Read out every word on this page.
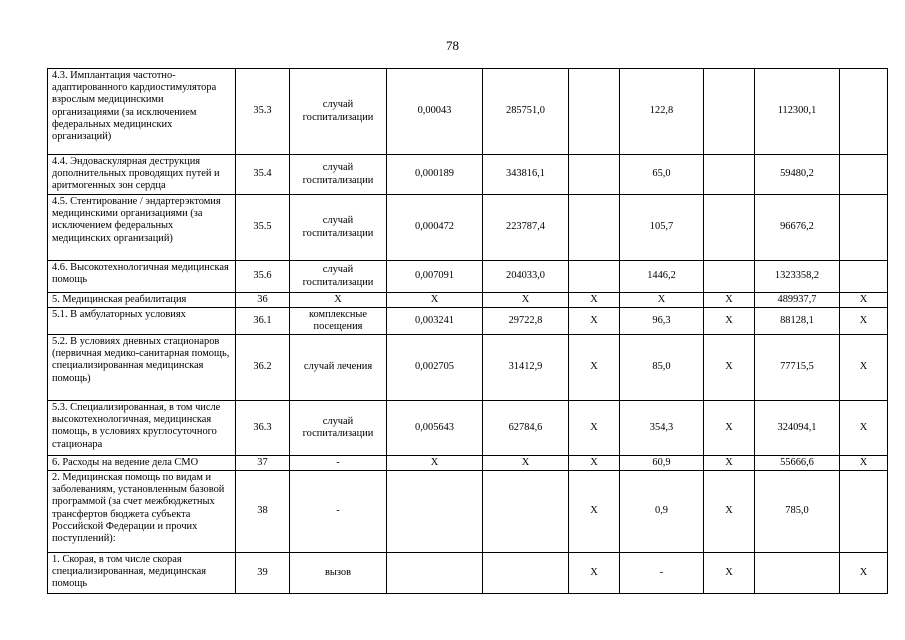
78
4.3. Имплантация частотно-адаптированного кардиостимулятора взрослым медицинскими организациями (за исключением федеральных медицинских организаций)	35.3	случай госпитализации	0,00043	285751,0		122,8		112300,1	
4.4. Эндоваскулярная деструкция дополнительных проводящих путей и аритмогенных зон сердца	35.4	случай госпитализации	0,000189	343816,1		65,0		59480,2	
4.5. Стентирование / эндартерэктомия медицинскими организациями (за исключением федеральных медицинских организаций)	35.5	случай госпитализации	0,000472	223787,4		105,7		96676,2	
4.6. Высокотехнологичная медицинская помощь	35.6	случай госпитализации	0,007091	204033,0		1446,2		1323358,2	
5. Медицинская реабилитация	36	Х	Х	Х	Х	Х	Х	489937,7	Х
5.1. В амбулаторных условиях	36.1	комплексные посещения	0,003241	29722,8	Х	96,3	Х	88128,1	Х
5.2. В условиях дневных стационаров (первичная медико-санитарная помощь, специализированная медицинская помощь)	36.2	случай лечения	0,002705	31412,9	Х	85,0	Х	77715,5	Х
5.3. Специализированная, в том числе высокотехнологичная, медицинская помощь, в условиях круглосуточного стационара	36.3	случай госпитализации	0,005643	62784,6	Х	354,3	Х	324094,1	Х
6. Расходы на ведение дела СМО	37	-	Х	Х	Х	60,9	Х	55666,6	Х
2. Медицинская помощь по видам и заболеваниям, установленным базовой программой (за счет межбюджетных трансфертов бюджета субъекта Российской Федерации и прочих поступлений):	38	-			Х	0,9	Х	785,0	
1. Скорая, в том числе скорая специализированная, медицинская помощь	39	вызов			Х	-	Х		Х
